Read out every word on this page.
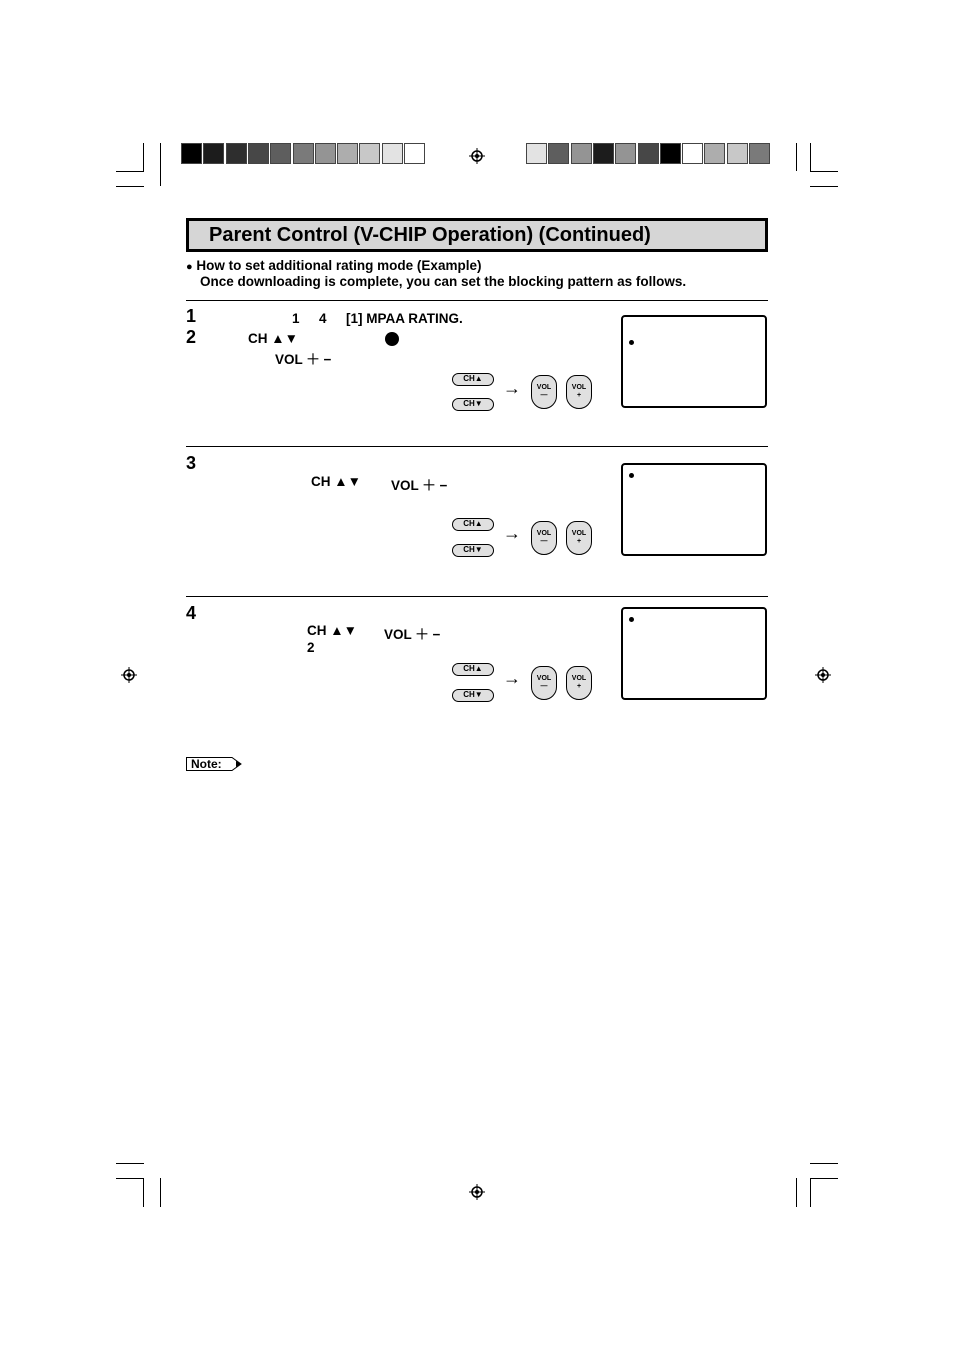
Parent Control (V-CHIP Operation) (Continued)
● How to set additional rating mode (Example)
Once downloading is complete, you can set the blocking pattern as follows.
1	1 4 [1] MPAA RATING.
2	CH ▲▼
VOL ＋ −
CH▲
CH▼
→	VOL
—
VOL
+
3
CH ▲▼ VOL ＋ −
CH▲
CH▼
→	VOL
—
VOL
+
4
CH ▲▼ VOL ＋ −
2
CH▲
CH▼
→	VOL
—
VOL
+
Note:
